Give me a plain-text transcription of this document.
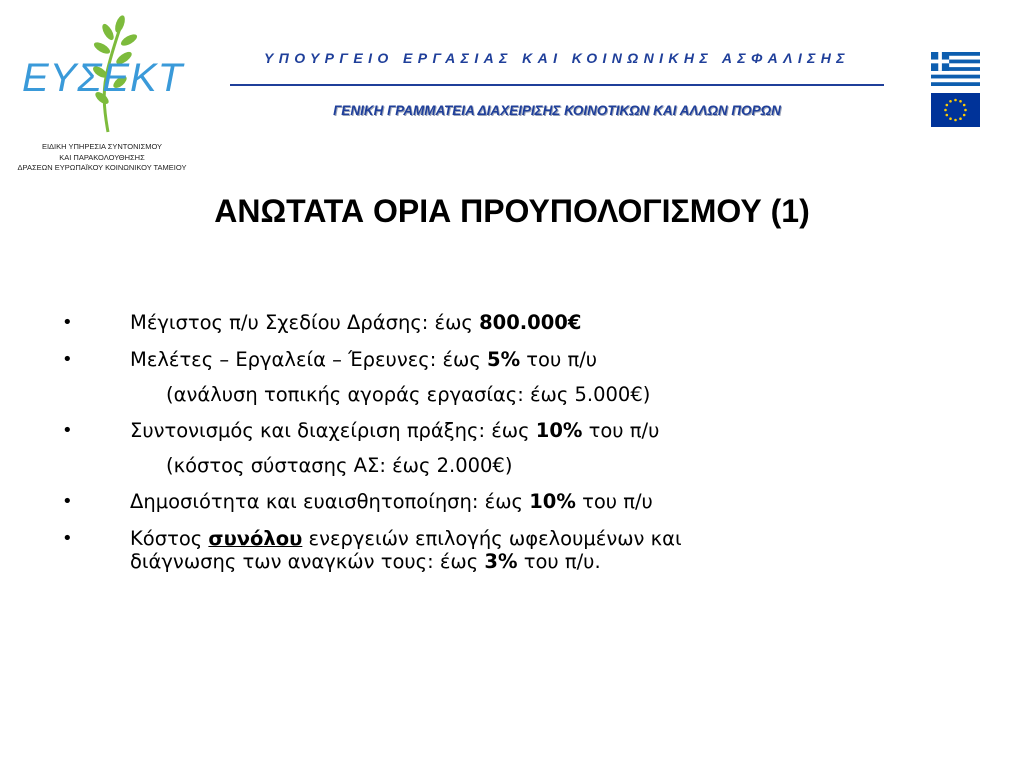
ΕΥΣΕΚΤ
ΕΙΔΙΚΗ ΥΠΗΡΕΣΙΑ ΣΥΝΤΟΝΙΣΜΟΥ
ΚΑΙ ΠΑΡΑΚΟΛΟΥΘΗΣΗΣ
ΔΡΑΣΕΩΝ ΕΥΡΩΠΑΪΚΟΥ ΚΟΙΝΩΝΙΚΟΥ ΤΑΜΕΙΟΥ
ΥΠΟΥΡΓΕΙΟ ΕΡΓΑΣΙΑΣ ΚΑΙ ΚΟΙΝΩΝΙΚΗΣ ΑΣΦΑΛΙΣΗΣ
ΓΕΝΙΚΗ ΓΡΑΜΜΑΤΕΙΑ ΔΙΑΧΕΙΡΙΣΗΣ ΚΟΙΝΟΤΙΚΩΝ ΚΑΙ ΑΛΛΩΝ ΠΟΡΩΝ
ΑΝΩΤΑΤΑ ΟΡΙΑ ΠΡΟΥΠΟΛΟΓΙΣΜΟΥ (1)
•	Μέγιστος π/υ Σχεδίου Δράσης: έως 800.000€
•	Μελέτες – Εργαλεία – Έρευνες: έως 5% του π/υ
(ανάλυση τοπικής αγοράς εργασίας: έως 5.000€)
•	Συντονισμός και διαχείριση πράξης: έως 10% του π/υ
(κόστος σύστασης ΑΣ: έως 2.000€)
•	Δημοσιότητα και ευαισθητοποίηση: έως 10% του π/υ
•	Κόστος συνόλου ενεργειών επιλογής ωφελουμένων και
διάγνωσης των αναγκών τους: έως 3% του π/υ.
